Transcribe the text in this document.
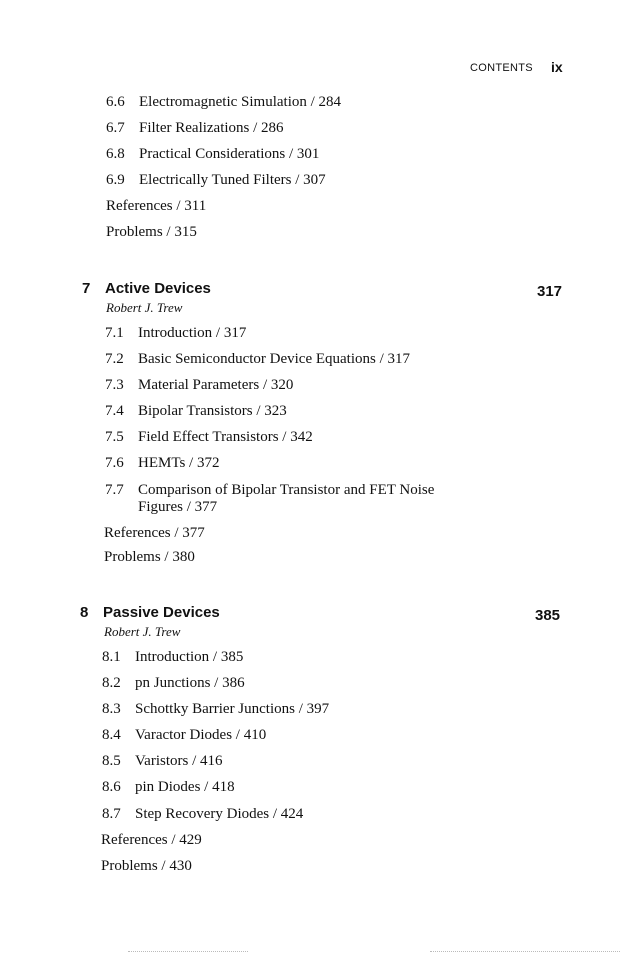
CONTENTS ix
6.6 Electromagnetic Simulation / 284
6.7 Filter Realizations / 286
6.8 Practical Considerations / 301
6.9 Electrically Tuned Filters / 307
References / 311
Problems / 315
7 Active Devices	317
Robert J. Trew
7.1 Introduction / 317
7.2 Basic Semiconductor Device Equations / 317
7.3 Material Parameters / 320
7.4 Bipolar Transistors / 323
7.5 Field Effect Transistors / 342
7.6 HEMTs / 372
7.7 Comparison of Bipolar Transistor and FET Noise
Figures / 377
References / 377
Problems / 380
8 Passive Devices	385
Robert J. Trew
8.1 Introduction / 385
8.2 pn Junctions / 386
8.3 Schottky Barrier Junctions / 397
8.4 Varactor Diodes / 410
8.5 Varistors / 416
8.6 pin Diodes / 418
8.7 Step Recovery Diodes / 424
References / 429
Problems / 430
